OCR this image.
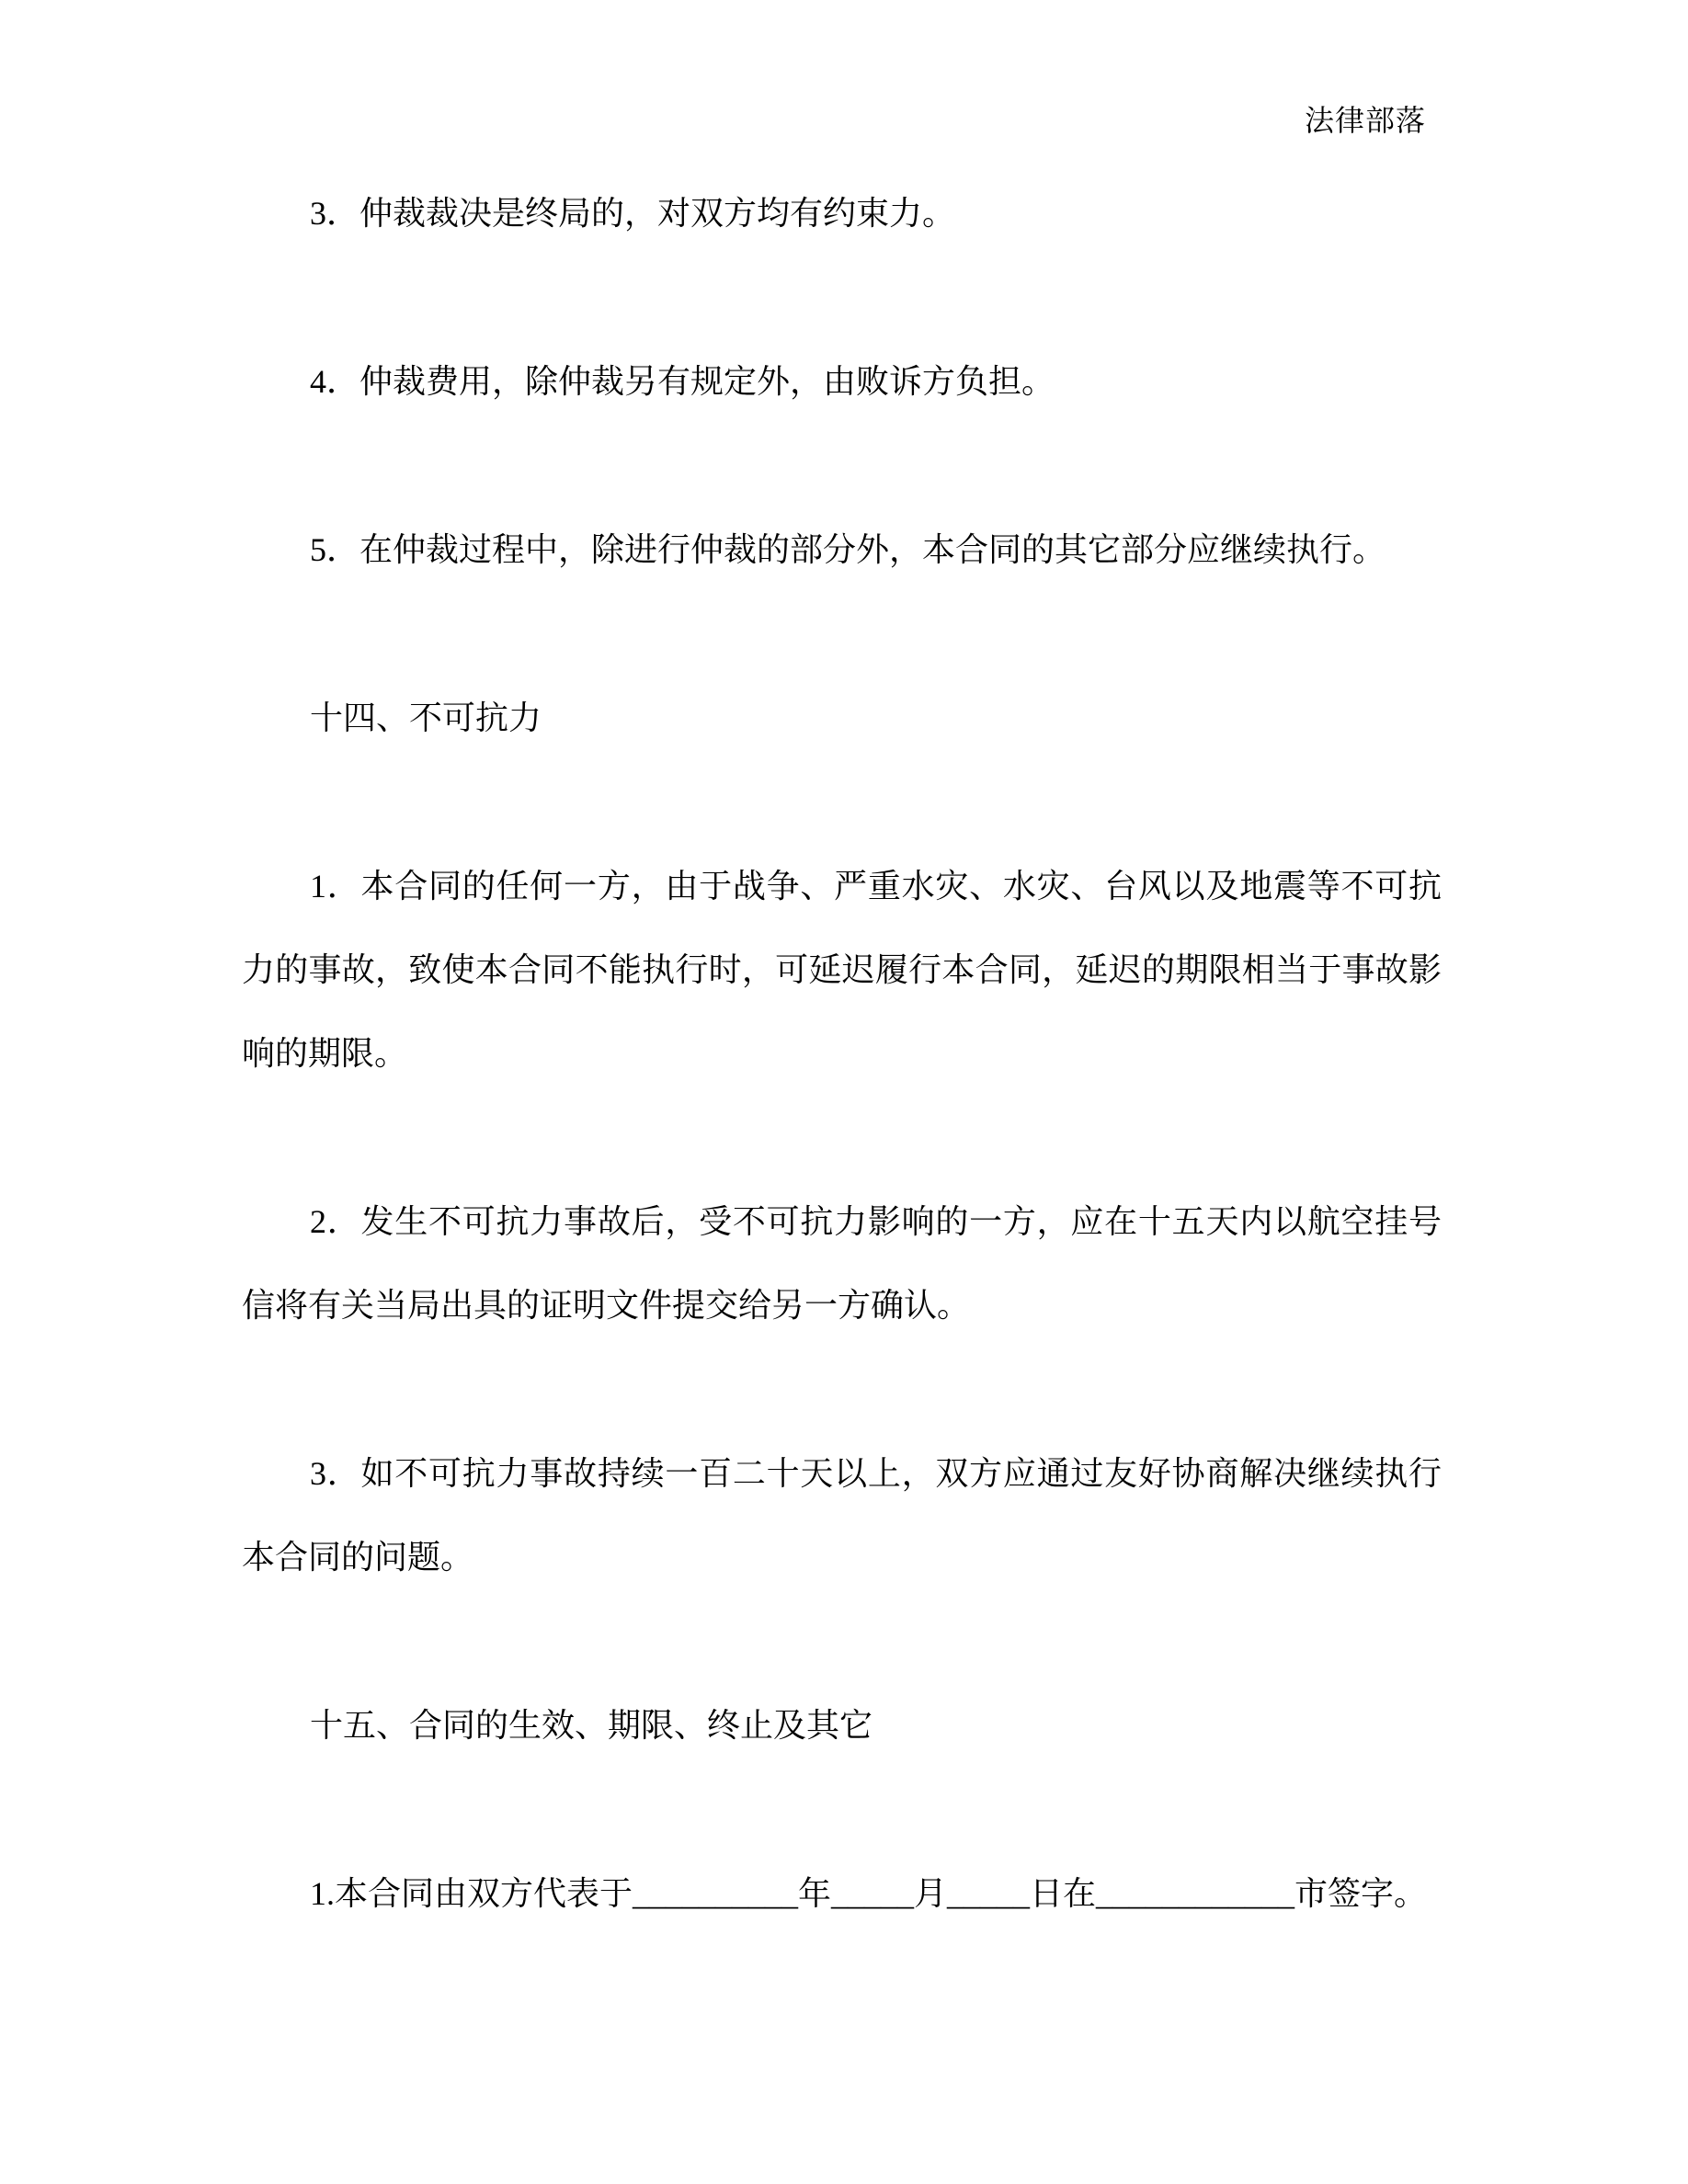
法律部落
3．仲裁裁决是终局的，对双方均有约束力。
4．仲裁费用，除仲裁另有规定外，由败诉方负担。
5．在仲裁过程中，除进行仲裁的部分外，本合同的其它部分应继续执行。
十四、不可抗力
1．本合同的任何一方，由于战争、严重水灾、水灾、台风以及地震等不可抗力的事故，致使本合同不能执行时，可延迟履行本合同，延迟的期限相当于事故影响的期限。
2．发生不可抗力事故后，受不可抗力影响的一方，应在十五天内以航空挂号信将有关当局出具的证明文件提交给另一方确认。
3．如不可抗力事故持续一百二十天以上，双方应通过友好协商解决继续执行本合同的问题。
十五、合同的生效、期限、终止及其它
1.本合同由双方代表于__________年_____月_____日在____________市签字。
